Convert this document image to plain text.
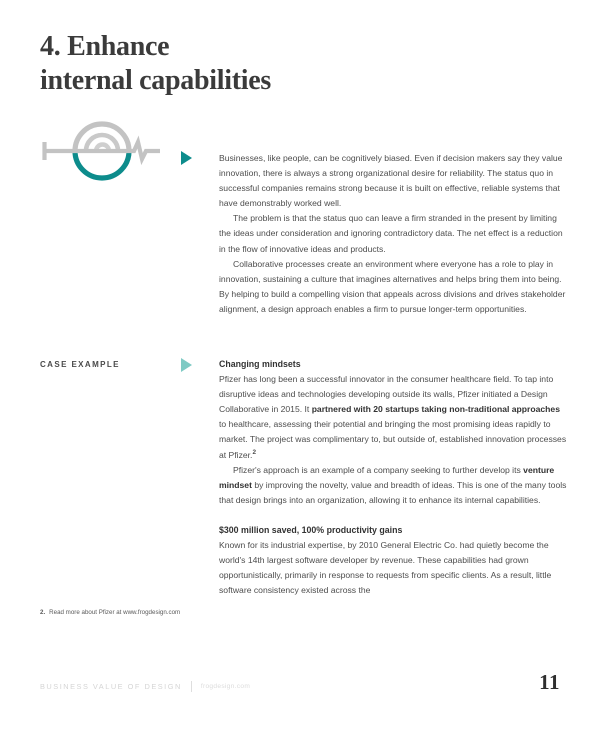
4. Enhance
internal capabilities

Businesses, like people, can be cognitively biased. Even if decision makers say they value innovation, there is always a strong organizational desire for reliability. The status quo in successful companies remains strong because it is built on effective, reliable systems that have demonstrably worked well.

The problem is that the status quo can leave a firm stranded in the present by limiting the ideas under consideration and ignoring contradictory data. The net effect is a reduction in the flow of innovative ideas and products.

Collaborative processes create an environment where everyone has a role to play in innovation, sustaining a culture that imagines alternatives and helps bring them into being. By helping to build a compelling vision that appeals across divisions and drives stakeholder alignment, a design approach enables a firm to pursue longer-term opportunities.

CASE EXAMPLE	Changing mindsets

Pfizer has long been a successful innovator in the consumer healthcare field. To tap into disruptive ideas and technologies developing outside its walls, Pfizer initiated a Design Collaborative in 2015. It partnered with 20 startups taking non-traditional approaches to healthcare, assessing their potential and bringing the most promising ideas rapidly to market. The project was complimentary to, but outside of, established innovation processes at Pfizer.$^2$

Pfizer's approach is an example of a company seeking to further develop its venture mindset by improving the novelty, value and breadth of ideas. This is one of the many tools that design brings into an organization, allowing it to enhance its internal capabilities.

$300 million saved, 100% productivity gains

Known for its industrial expertise, by 2010 General Electric Co. had quietly become the world's 14th largest software developer by revenue. These capabilities had grown opportunistically, primarily in response to requests from specific clients. As a result, little software consistency existed across the

2. Read more about Pfizer at www.frogdesign.com
BUSINESS VALUE OF DESIGN	frogdesign.com	11
